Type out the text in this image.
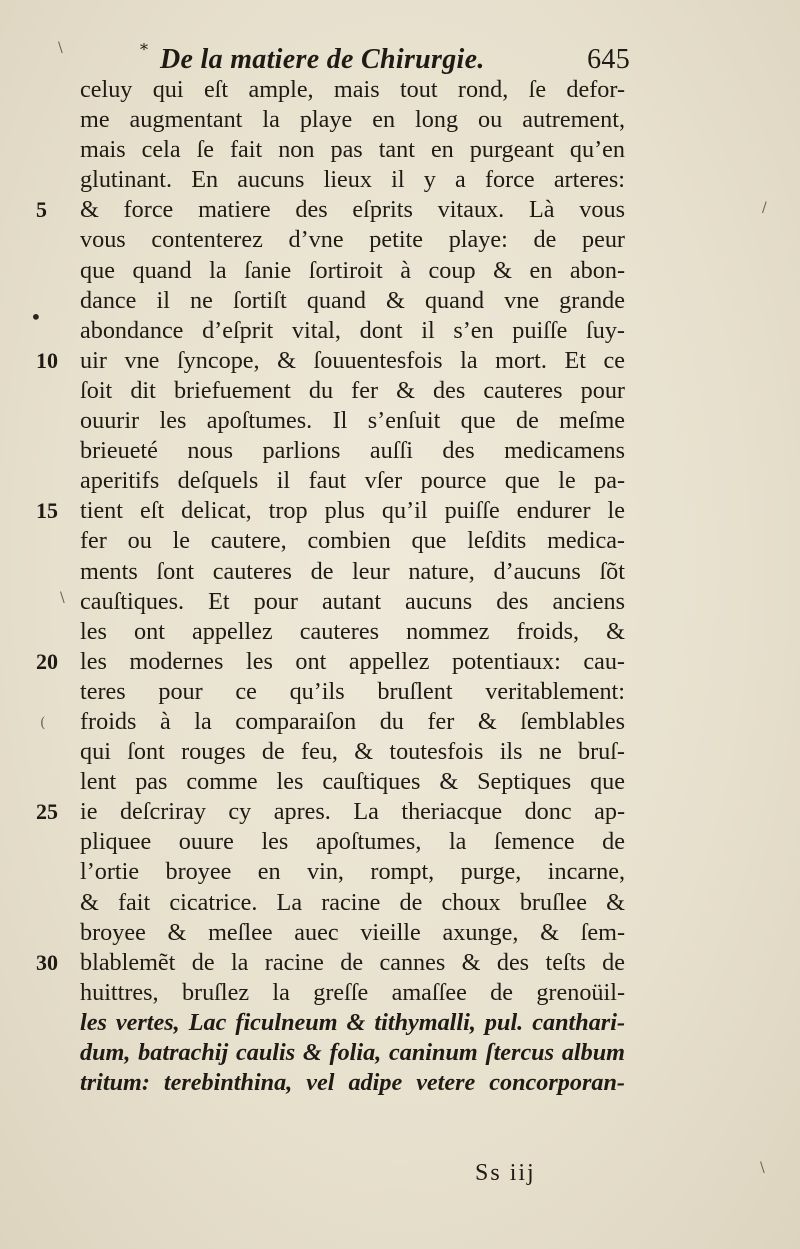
* De la matiere de Chirurgie.	645
celuy qui eſt ample, mais tout rond, ſe defor-
me augmentant la playe en long ou autrement,
mais cela ſe fait non pas tant en purgeant qu’en
glutinant. En aucuns lieux il y a force arteres:
& force matiere des eſprits vitaux. Là vous
vous contenterez d’vne petite playe: de peur
que quand la ſanie ſortiroit à coup & en abon-
dance il ne ſortiſt quand & quand vne grande
abondance d’eſprit vital, dont il s’en puiſſe ſuy-
uir vne ſyncope, & ſouuentesfois la mort. Et ce
ſoit dit briefuement du fer & des cauteres pour
ouurir les apoſtumes. Il s’enſuit que de meſme
brieueté nous parlions auſſi des medicamens
aperitifs deſquels il faut vſer pource que le pa-
tient eſt delicat, trop plus qu’il puiſſe endurer le
fer ou le cautere, combien que leſdits medica-
ments ſont cauteres de leur nature, d’aucuns ſõt
cauſtiques. Et pour autant aucuns des anciens
les ont appellez cauteres nommez froids, &
les modernes les ont appellez potentiaux: cau-
teres pour ce qu’ils bruſlent veritablement:
froids à la comparaiſon du fer & ſemblables
qui ſont rouges de feu, & toutesfois ils ne bruſ-
lent pas comme les cauſtiques & Septiques que
ie deſcriray cy apres. La theriacque donc ap-
pliquee ouure les apoſtumes, la ſemence de
l’ortie broyee en vin, rompt, purge, incarne,
& fait cicatrice. La racine de choux bruſlee &
broyee & meſlee auec vieille axunge, & ſem-
blablemẽt de la racine de cannes & des teſts de
huittres, bruſlez la greſſe amaſſee de grenoüil-
les vertes, Lac ficulneum & tithymalli, pul. canthari-
dum, batrachij caulis & folia, caninum ſtercus album
tritum: terebinthina, vel adipe vetere concorporan-
5
10
15
20
25
30
Ss iij
\
/
•
\
(
\
